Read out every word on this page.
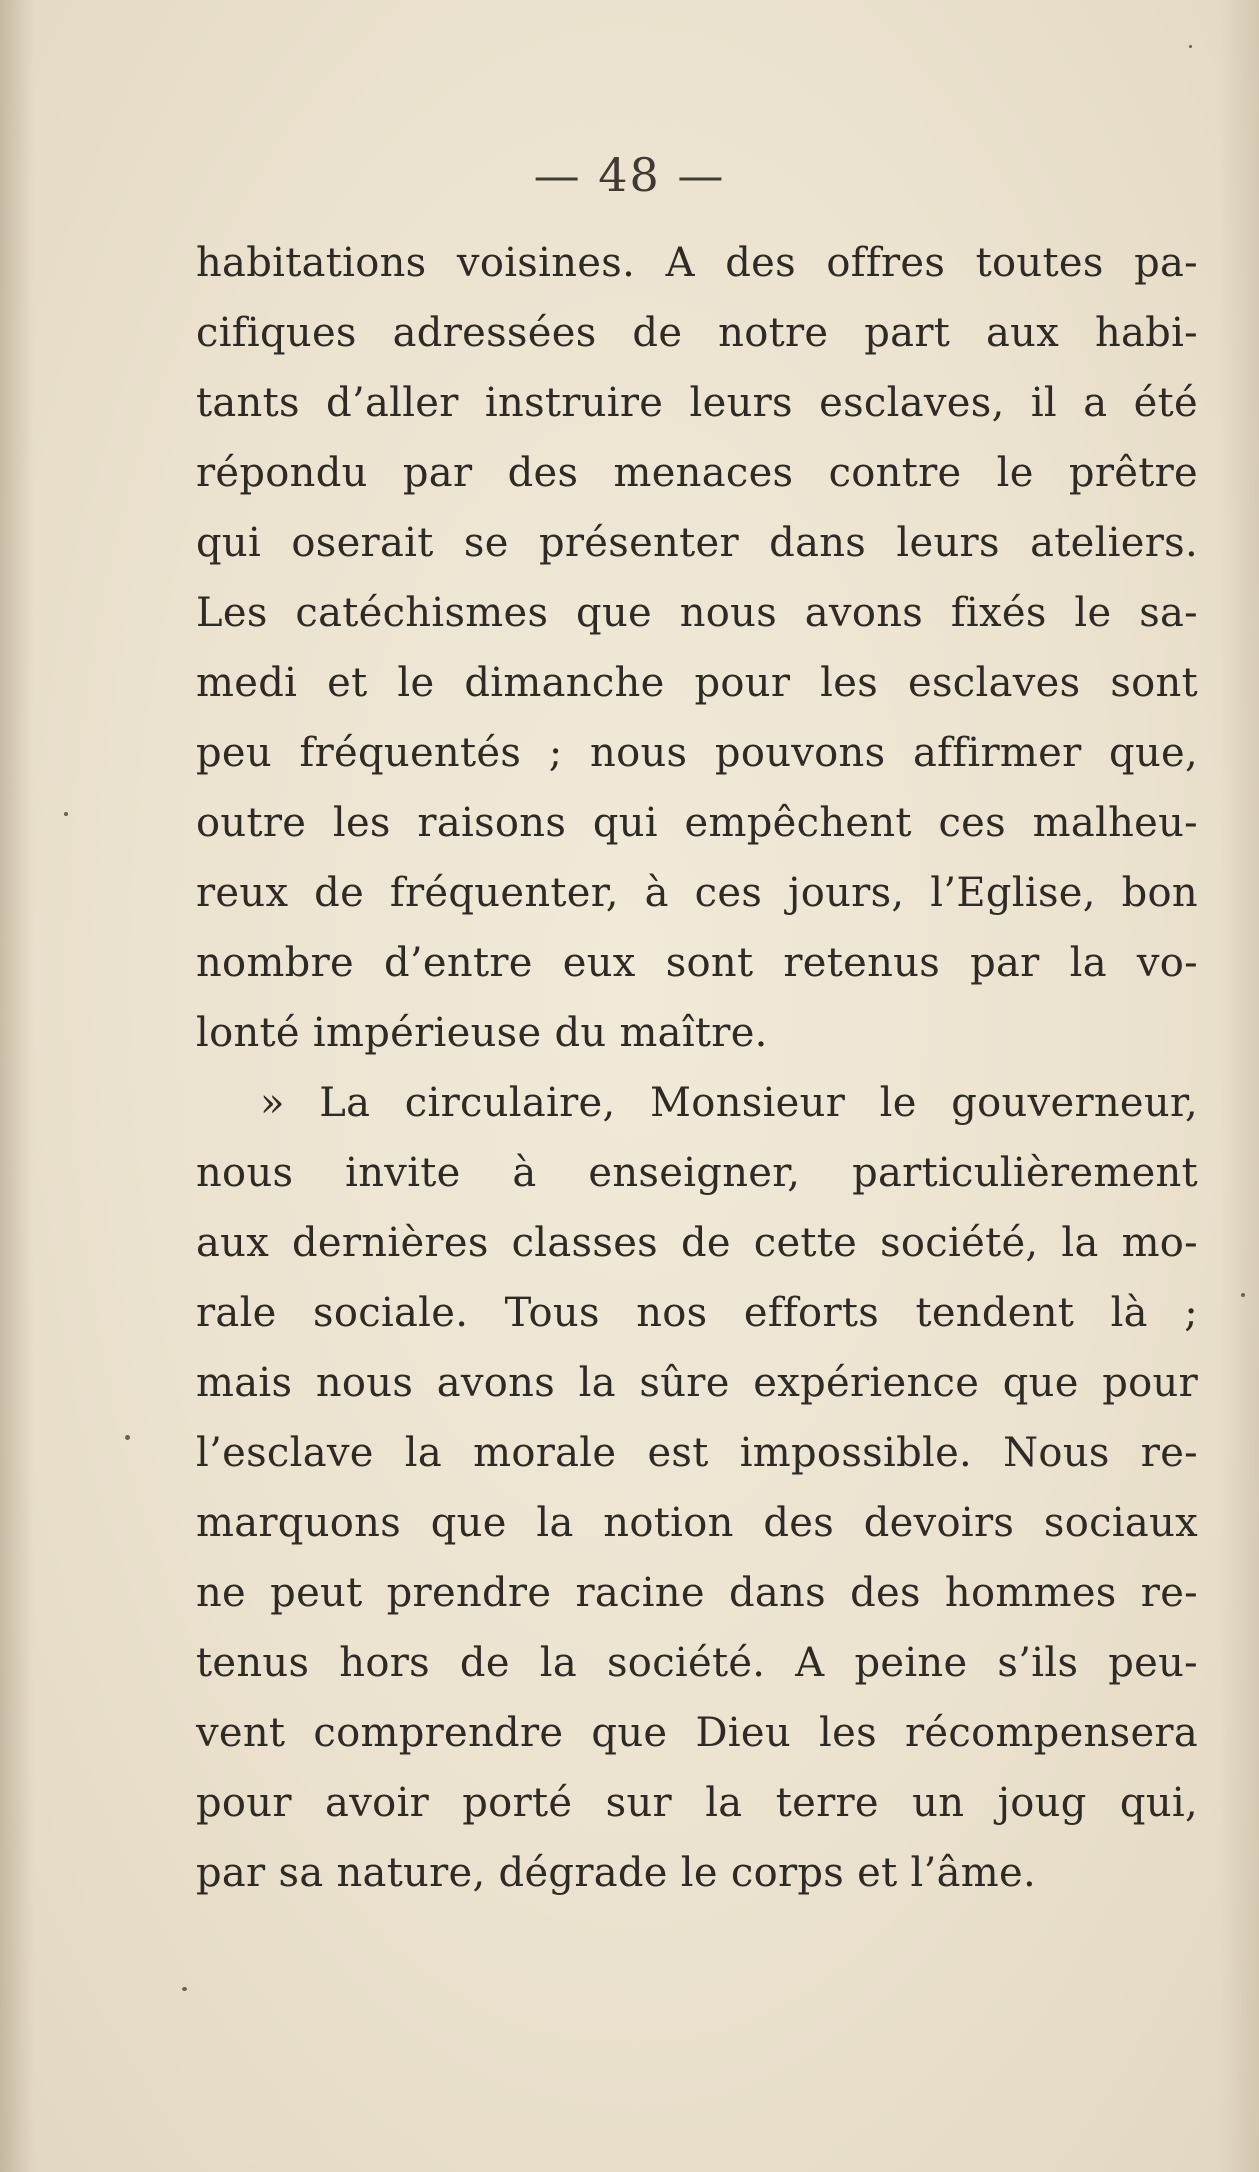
— 48 —
habitations voisines. A des offres toutes pa-
cifiques adressées de notre part aux habi-
tants d’aller instruire leurs esclaves, il a été
répondu par des menaces contre le prêtre
qui oserait se présenter dans leurs ateliers.
Les catéchismes que nous avons fixés le sa-
medi et le dimanche pour les esclaves sont
peu fréquentés ; nous pouvons affirmer que,
outre les raisons qui empêchent ces malheu-
reux de fréquenter, à ces jours, l’Eglise, bon
nombre d’entre eux sont retenus par la vo-
lonté impérieuse du maître.
» La circulaire, Monsieur le gouverneur,
nous invite à enseigner, particulièrement
aux dernières classes de cette société, la mo-
rale sociale. Tous nos efforts tendent là ;
mais nous avons la sûre expérience que pour
l’esclave la morale est impossible. Nous re-
marquons que la notion des devoirs sociaux
ne peut prendre racine dans des hommes re-
tenus hors de la société. A peine s’ils peu-
vent comprendre que Dieu les récompensera
pour avoir porté sur la terre un joug qui,
par sa nature, dégrade le corps et l’âme.
